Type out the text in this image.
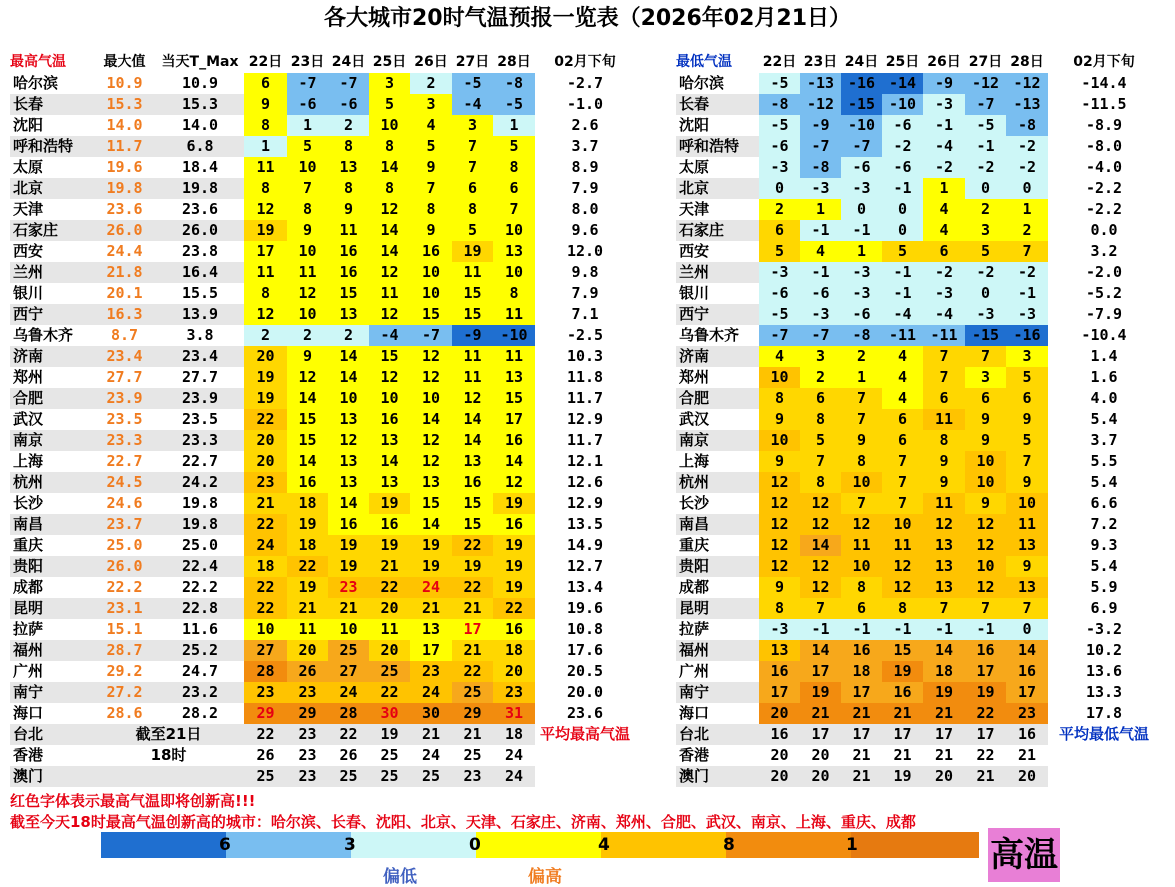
各大城市20时气温预报一览表（2026年02月21日）
最高气温	最大值	当天T_Max	22日	23日	24日	25日	26日	27日	28日	02月下旬
哈尔滨	10.9	10.9	6	-7	-7	3	2	-5	-8	-2.7
长春	15.3	15.3	9	-6	-6	5	3	-4	-5	-1.0
沈阳	14.0	14.0	8	1	2	10	4	3	1	2.6
呼和浩特	11.7	6.8	1	5	8	8	5	7	5	3.7
太原	19.6	18.4	11	10	13	14	9	7	8	8.9
北京	19.8	19.8	8	7	8	8	7	6	6	7.9
天津	23.6	23.6	12	8	9	12	8	8	7	8.0
石家庄	26.0	26.0	19	9	11	14	9	5	10	9.6
西安	24.4	23.8	17	10	16	14	16	19	13	12.0
兰州	21.8	16.4	11	11	16	12	10	11	10	9.8
银川	20.1	15.5	8	12	15	11	10	15	8	7.9
西宁	16.3	13.9	12	10	13	12	15	15	11	7.1
乌鲁木齐	8.7	3.8	2	2	2	-4	-7	-9	-10	-2.5
济南	23.4	23.4	20	9	14	15	12	11	11	10.3
郑州	27.7	27.7	19	12	14	12	12	11	13	11.8
合肥	23.9	23.9	19	14	10	10	10	12	15	11.7
武汉	23.5	23.5	22	15	13	16	14	14	17	12.9
南京	23.3	23.3	20	15	12	13	12	14	16	11.7
上海	22.7	22.7	20	14	13	14	12	13	14	12.1
杭州	24.5	24.2	23	16	13	13	13	16	12	12.6
长沙	24.6	19.8	21	18	14	19	15	15	19	12.9
南昌	23.7	19.8	22	19	16	16	14	15	16	13.5
重庆	25.0	25.0	24	18	19	19	19	22	19	14.9
贵阳	26.0	22.4	18	22	19	21	19	19	19	12.7
成都	22.2	22.2	22	19	23	22	24	22	19	13.4
昆明	23.1	22.8	22	21	21	20	21	21	22	19.6
拉萨	15.1	11.6	10	11	10	11	13	17	16	10.8
福州	28.7	25.2	27	20	25	20	17	21	18	17.6
广州	29.2	24.7	28	26	27	25	23	22	20	20.5
南宁	27.2	23.2	23	23	24	22	24	25	23	20.0
海口	28.6	28.2	29	29	28	30	30	29	31	23.6
台北	截至21日		22	23	22	19	21	21	18	平均最高气温
香港	18时		26	23	26	25	24	25	24	
澳门			25	23	25	25	25	23	24	
最低气温	22日	23日	24日	25日	26日	27日	28日	02月下旬
哈尔滨	-5	-13	-16	-14	-9	-12	-12	-14.4
长春	-8	-12	-15	-10	-3	-7	-13	-11.5
沈阳	-5	-9	-10	-6	-1	-5	-8	-8.9
呼和浩特	-6	-7	-7	-2	-4	-1	-2	-8.0
太原	-3	-8	-6	-6	-2	-2	-2	-4.0
北京	0	-3	-3	-1	1	0	0	-2.2
天津	2	1	0	0	4	2	1	-2.2
石家庄	6	-1	-1	0	4	3	2	0.0
西安	5	4	1	5	6	5	7	3.2
兰州	-3	-1	-3	-1	-2	-2	-2	-2.0
银川	-6	-6	-3	-1	-3	0	-1	-5.2
西宁	-5	-3	-6	-4	-4	-3	-3	-7.9
乌鲁木齐	-7	-7	-8	-11	-11	-15	-16	-10.4
济南	4	3	2	4	7	7	3	1.4
郑州	10	2	1	4	7	3	5	1.6
合肥	8	6	7	4	6	6	6	4.0
武汉	9	8	7	6	11	9	9	5.4
南京	10	5	9	6	8	9	5	3.7
上海	9	7	8	7	9	10	7	5.5
杭州	12	8	10	7	9	10	9	5.4
长沙	12	12	7	7	11	9	10	6.6
南昌	12	12	12	10	12	12	11	7.2
重庆	12	14	11	11	13	12	13	9.3
贵阳	12	12	10	12	13	10	9	5.4
成都	9	12	8	12	13	12	13	5.9
昆明	8	7	6	8	7	7	7	6.9
拉萨	-3	-1	-1	-1	-1	-1	0	-3.2
福州	13	14	16	15	14	16	14	10.2
广州	16	17	18	19	18	17	16	13.6
南宁	17	19	17	16	19	19	17	13.3
海口	20	21	21	21	21	22	23	17.8
台北	16	17	17	17	17	17	16	平均最低气温
香港	20	20	21	21	21	22	21	
澳门	20	20	21	19	20	21	20	
红色字体表示最高气温即将创新高!!!
截至今天18时最高气温创新高的城市：哈尔滨、长春、沈阳、北京、天津、石家庄、济南、郑州、合肥、武汉、南京、上海、重庆、成都
6	3	0	4	8	1	高温
偏低	偏高
